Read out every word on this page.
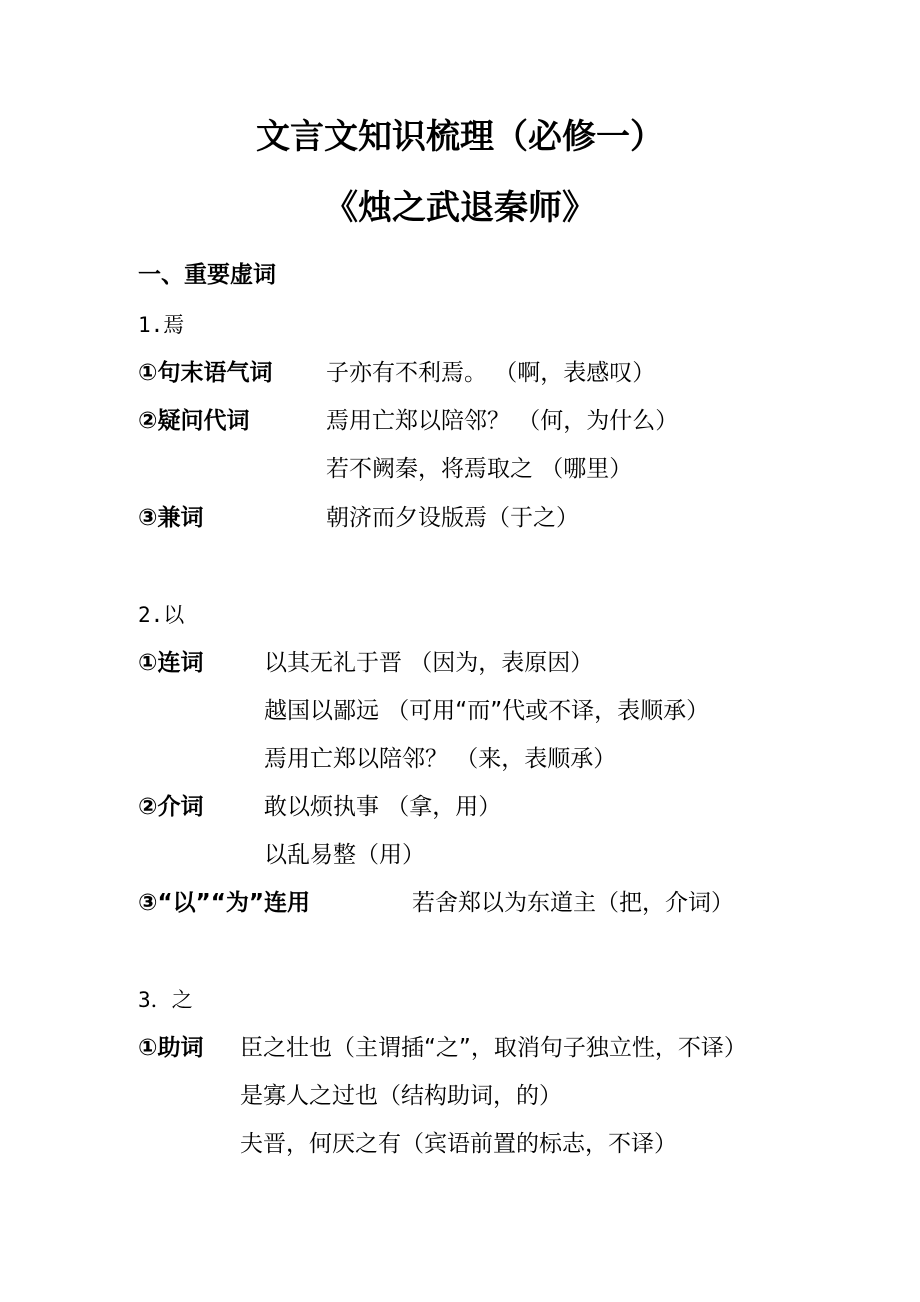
文言文知识梳理（必修一）
《烛之武退秦师》
一、重要虚词
1.焉
①句末语气词 子亦有不利焉。 （啊，表感叹）
②疑问代词	焉用亡郑以陪邻？ （何，为什么）
若不阙秦，将焉取之 （哪里）
③兼词	朝济而夕设版焉（于之）
2.以
①连词	以其无礼于晋 （因为，表原因）
越国以鄙远 （可用“而”代或不译，表顺承）
焉用亡郑以陪邻？ （来，表顺承）
②介词	敢以烦执事 （拿，用）
以乱易整（用）
③“以”“为”连用	若舍郑以为东道主（把，介词）
3．之
①助词 臣之壮也（主谓插“之”，取消句子独立性，不译）
是寡人之过也（结构助词，的）
夫晋，何厌之有（宾语前置的标志，不译）
